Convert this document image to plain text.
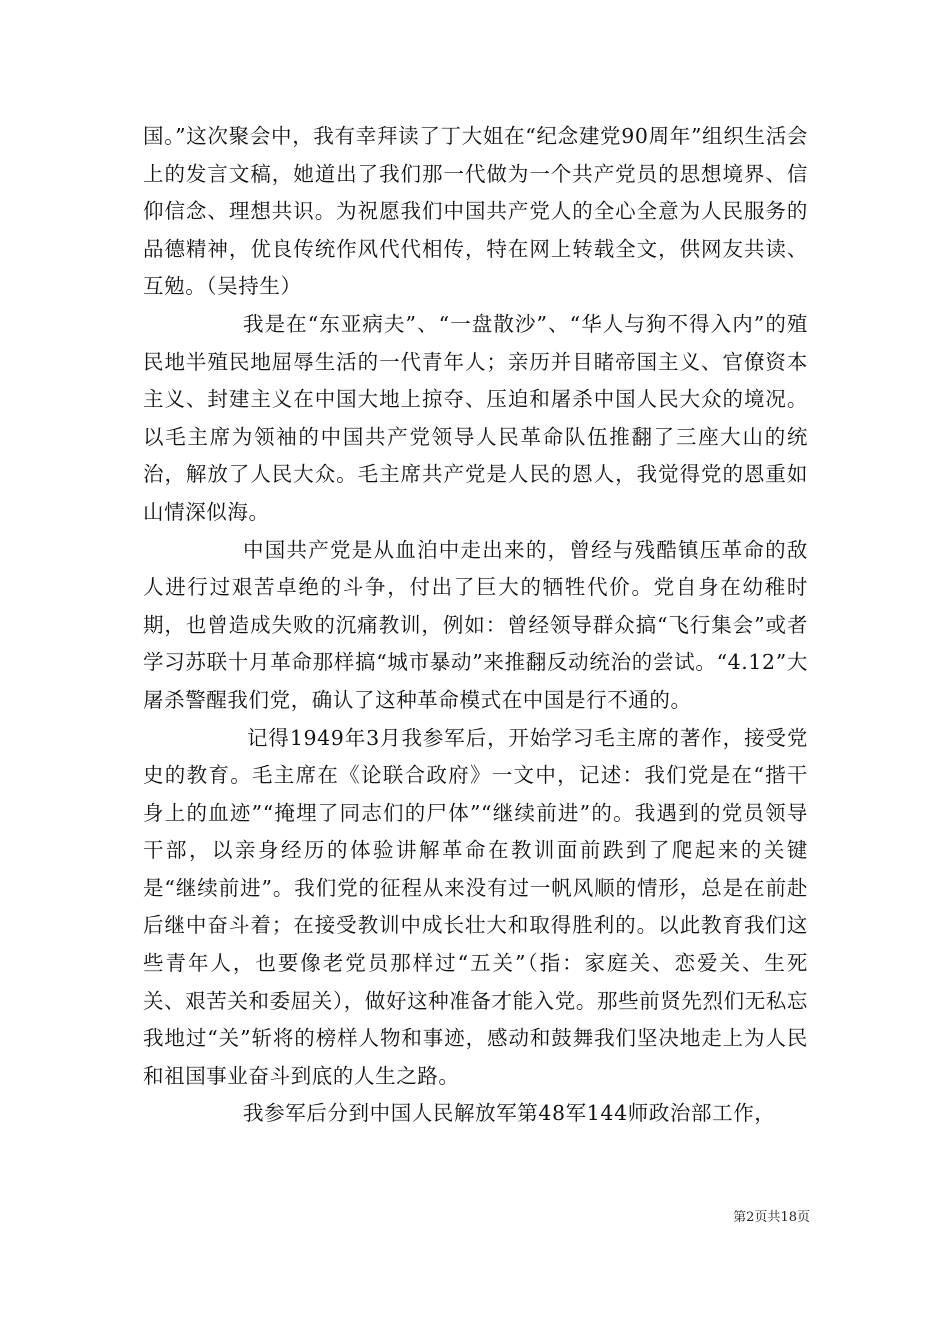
国。”这次聚会中，我有幸拜读了丁大姐在“纪念建党90周年”组织生活会上的发言文稿，她道出了我们那一代做为一个共产党员的思想境界、信仰信念、理想共识。为祝愿我们中国共产党人的全心全意为人民服务的品德精神，优良传统作风代代相传，特在网上转载全文，供网友共读、互勉。（吴持生）

我是在“东亚病夫”、“一盘散沙”、“华人与狗不得入内”的殖民地半殖民地屈辱生活的一代青年人；亲历并目睹帝国主义、官僚资本主义、封建主义在中国大地上掠夺、压迫和屠杀中国人民大众的境况。以毛主席为领袖的中国共产党领导人民革命队伍推翻了三座大山的统治，解放了人民大众。毛主席共产党是人民的恩人，我觉得党的恩重如山情深似海。

中国共产党是从血泊中走出来的，曾经与残酷镇压革命的敌人进行过艰苦卓绝的斗争，付出了巨大的牺牲代价。党自身在幼稚时期，也曾造成失败的沉痛教训，例如：曾经领导群众搞“飞行集会”或者学习苏联十月革命那样搞“城市暴动”来推翻反动统治的尝试。“4.12”大屠杀警醒我们党，确认了这种革命模式在中国是行不通的。

记得1949年3月我参军后，开始学习毛主席的著作，接受党史的教育。毛主席在《论联合政府》一文中，记述：我们党是在“揩干身上的血迹”“掩埋了同志们的尸体”“继续前进”的。我遇到的党员领导干部，以亲身经历的体验讲解革命在教训面前跌到了爬起来的关键是“继续前进”。我们党的征程从来没有过一帆风顺的情形，总是在前赴后继中奋斗着；在接受教训中成长壮大和取得胜利的。以此教育我们这些青年人，也要像老党员那样过“五关”（指：家庭关、恋爱关、生死关、艰苦关和委屈关），做好这种准备才能入党。那些前贤先烈们无私忘我地过“关”斩将的榜样人物和事迹，感动和鼓舞我们坚决地走上为人民和祖国事业奋斗到底的人生之路。

我参军后分到中国人民解放军第48军144师政治部工作，

第2页共18页
